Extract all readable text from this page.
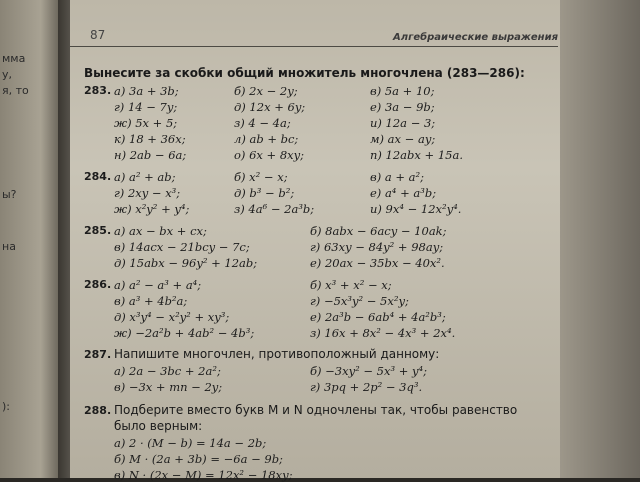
мма
у,
я, то
ы?
на
):
87	Алгебраические выражения
Вынесите за скобки общий множитель многочлена (283—286):
283. а) 3a + 3b;	б) 2x − 2y;	в) 5a + 10;
г) 14 − 7y;	д) 12x + 6y;	е) 3a − 9b;
ж) 5x + 5;	з) 4 − 4a;	и) 12a − 3;
к) 18 + 36x;	л) ab + bc;	м) ax − ay;
н) 2ab − 6a;	о) 6x + 8xy;	п) 12abx + 15a.
284. а) a² + ab;	б) x² − x;	в) a + a²;
г) 2xy − x³;	д) b³ − b²;	е) a⁴ + a³b;
ж) x²y² + y⁴;	з) 4a⁶ − 2a³b;	и) 9x⁴ − 12x²y⁴.
285. а) ax − bx + cx;	б) 8abx − 6acy − 10ak;
в) 14acx − 21bcy − 7c;	г) 63xy − 84y² + 98ay;
д) 15abx − 96y² + 12ab;	е) 20ax − 35bx − 40x².
286. а) a² − a³ + a⁴;	б) x³ + x² − x;
в) a³ + 4b²a;	г) −5x³y² − 5x²y;
д) x³y⁴ − x²y² + xy³;	е) 2a³b − 6ab⁴ + 4a²b³;
ж) −2a²b + 4ab² − 4b³;	з) 16x + 8x² − 4x³ + 2x⁴.
287. Напишите многочлен, противоположный данному:
а) 2a − 3bc + 2a²;	б) −3xy² − 5x³ + y⁴;
в) −3x + mn − 2y;	г) 3pq + 2p² − 3q³.
288. Подберите вместо букв M и N одночлены так, чтобы равенство
было верным:
а) 2 · (M − b) = 14a − 2b;
б) M · (2a + 3b) = −6a − 9b;
в) N · (2x − M) = 12x² − 18xy;
